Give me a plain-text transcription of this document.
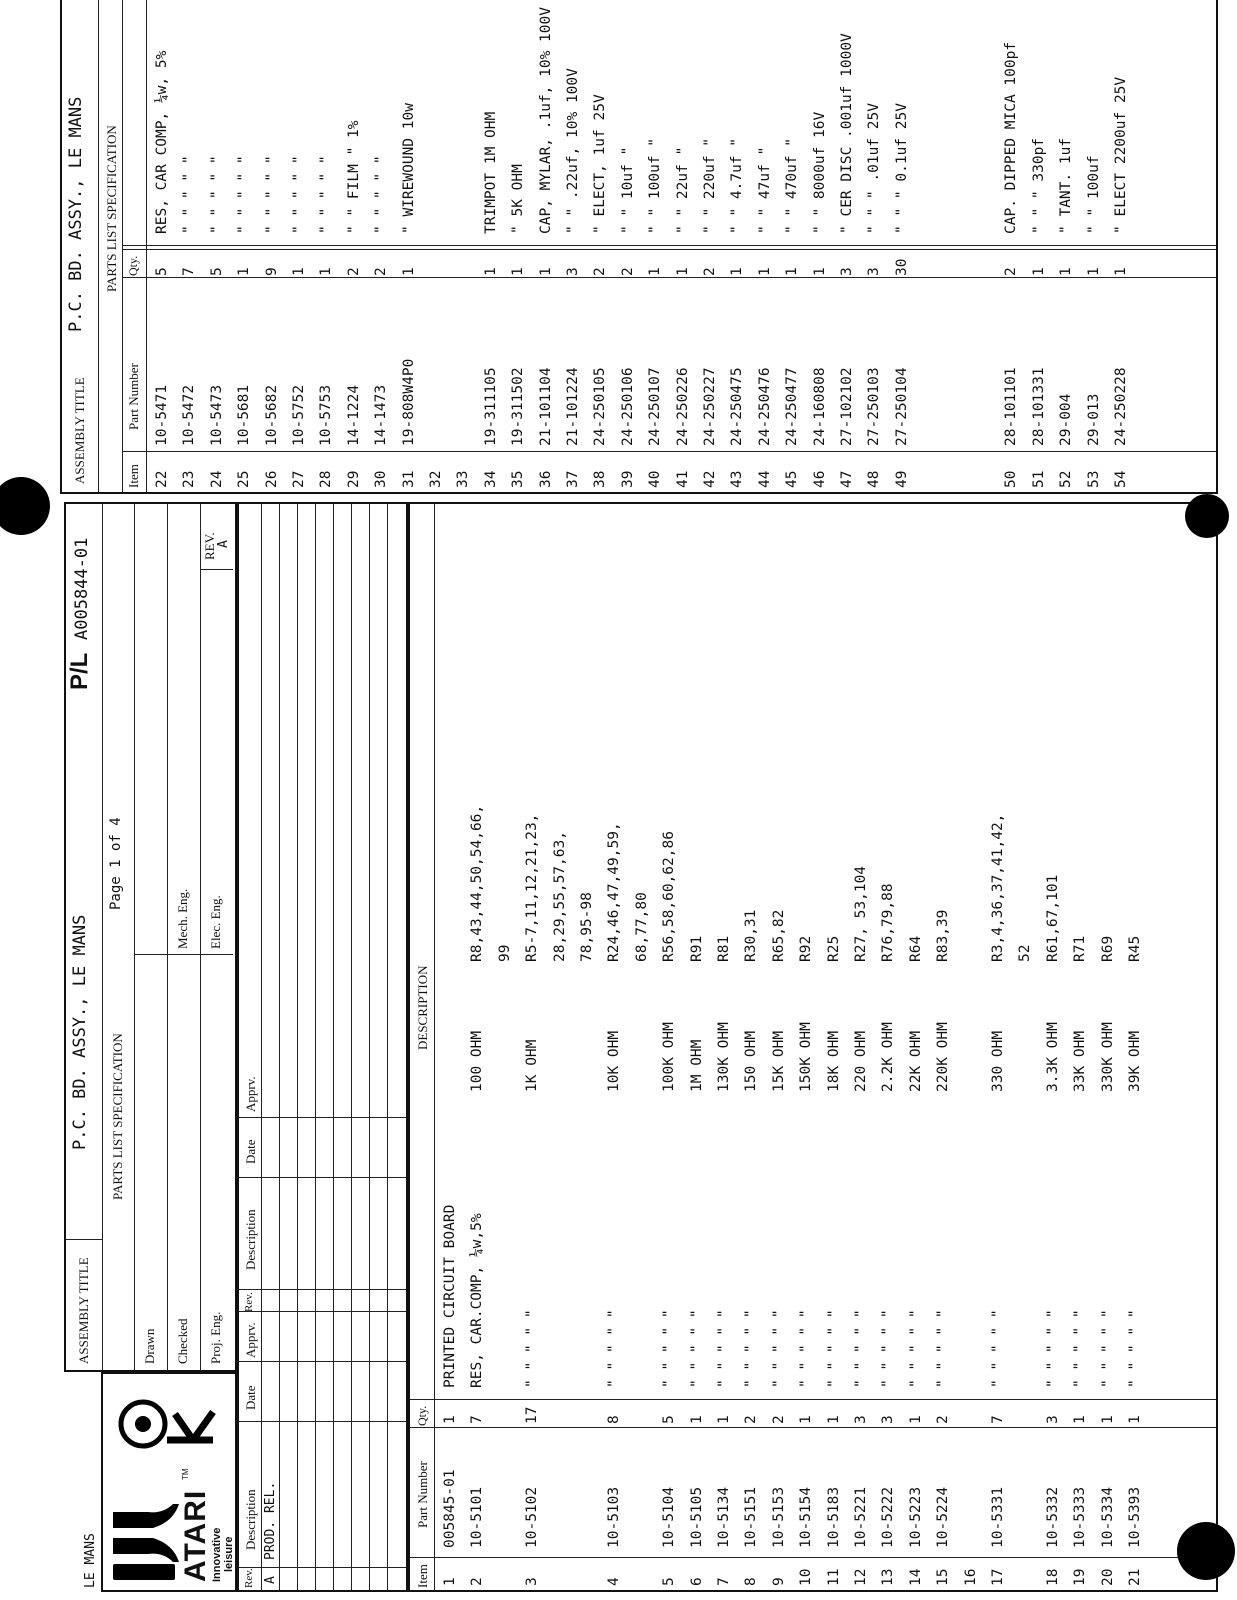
LE MANS	ATARI
TM
Innovative leisure
ASSEMBLY TITLE
P.C. BD. ASSY., LE MANS
P/L
A005844-01
PARTS LIST SPECIFICATION
Page 1 of 4
Drawn Checked Proj. Eng.
Mech. Eng. Elec. Eng.
REV. A
Rev.
Description
Date
Apprv.
Rev.
Description
Date
Apprv.
A
PROD. REL.
Item
Part Number
Qty.
DESCRIPTION
1
005845-01
1
PRINTED CIRCUIT BOARD
2
10-5101
7
RES, CAR.COMP, ¼w,5%
100 OHM
R8,43,44,50,54,66, 99
3
10-5102
17
" " " " "
1K OHM
R5-7,11,12,21,23, 28,29,55,57,63, 78,95-98
4
10-5103
8
" " " " "
10K OHM
R24,46,47,49,59, 68,77,80
5
10-5104
5
" " " " "
100K OHM
R56,58,60,62,86
6
10-5105
1
" " " " "
1M OHM
R91
7
10-5134
1
" " " " "
130K OHM
R81
8
10-5151
2
" " " " "
150 OHM
R30,31
9
10-5153
2
" " " " "
15K OHM
R65,82
10
10-5154
1
" " " " "
150K OHM
R92
11
10-5183
1
" " " " "
18K OHM
R25
12
10-5221
3
" " " " "
220 OHM
R27, 53,104
13
10-5222
3
" " " " "
2.2K OHM
R76,79,88
14
10-5223
1
" " " " "
22K OHM
R64
15
10-5224
2
" " " " "
220K OHM
R83,39
16 17
10-5331
7
" " " " "
330 OHM
R3,4,36,37,41,42, 52
18
10-5332
3
" " " " "
3.3K OHM
R61,67,101
19
10-5333
1
" " " " "
33K OHM
R71
20
10-5334
1
" " " " "
330K OHM
R69
21
10-5393
1
" " " " "
39K OHM
R45
ASSEMBLY TITLE
P.C. BD. ASSY., LE MANS PARTS LIST SPECIFICATION
Item
Part Number
Qty.
22
10-5471
5
RES, CAR COMP, ¼w, 5%
23
10-5472
7
" " " " "
24
10-5473
5
" " " " "
25
10-5681
1
" " " " "
26
10-5682
9
" " " " "
27
10-5752
1
" " " " "
28
10-5753
1
" " " " "
29
14-1224
2
" " FILM " 1%
30
14-1473
2
" " " " "
31
19-808W4P0
1
" WIREWOUND 10w
32 33 34
19-311105
1
TRIMPOT 1M OHM
35
19-311502
1
" 5K OHM
36
21-101104
1
CAP, MYLAR, .1uf, 10% 100V
37
21-101224
3
" " .22uf, 10% 100V
38
24-250105
2
" ELECT, 1uf 25V
39
24-250106
2
" " 10uf "
40
24-250107
1
" " 100uf "
41
24-250226
1
" " 22uf "
42
24-250227
2
" " 220uf "
43
24-250475
1
" " 4.7uf "
44
24-250476
1
" " 47uf "
45
24-250477
1
" " 470uf "
46
24-160808
1
" " 8000uf 16V
47
27-102102
3
" CER DISC .001uf 1000V
48
27-250103
3
" " " .01uf 25V
49
27-250104
30
" " " 0.1uf 25V
50
28-101101
2
CAP. DIPPED MICA 100pf
51
28-101331
1
" " " 330pf
52
29-004
1
" TANT. 1uf
53
29-013
1
" " 100uf
54
24-250228
1
" ELECT 2200uf 25V
